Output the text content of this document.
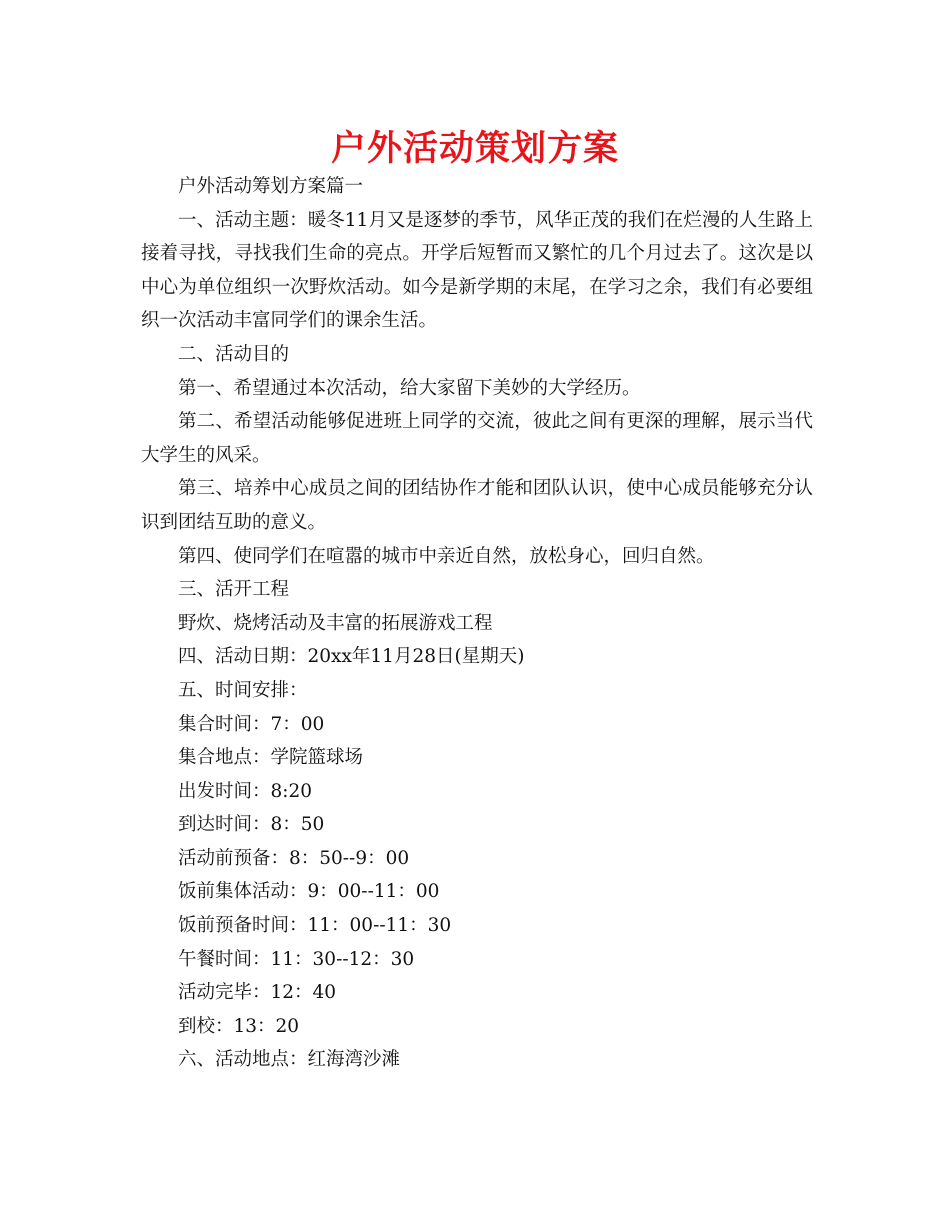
户外活动策划方案

户外活动筹划方案篇一

一、活动主题：暖冬11月又是逐梦的季节，风华正茂的我们在烂漫的人生路上接着寻找，寻找我们生命的亮点。开学后短暂而又繁忙的几个月过去了。这次是以中心为单位组织一次野炊活动。如今是新学期的末尾，在学习之余，我们有必要组织一次活动丰富同学们的课余生活。

二、活动目的

第一、希望通过本次活动，给大家留下美妙的大学经历。

第二、希望活动能够促进班上同学的交流，彼此之间有更深的理解，展示当代大学生的风采。

第三、培养中心成员之间的团结协作才能和团队认识，使中心成员能够充分认识到团结互助的意义。

第四、使同学们在喧嚣的城市中亲近自然，放松身心，回归自然。

三、活开工程

野炊、烧烤活动及丰富的拓展游戏工程

四、活动日期：20xx年11月28日(星期天)

五、时间安排：

集合时间：7：00

集合地点：学院篮球场

出发时间：8:20

到达时间：8：50

活动前预备：8：50--9：00

饭前集体活动：9：00--11：00

饭前预备时间：11：00--11：30

午餐时间：11：30--12：30

活动完毕：12：40

到校：13：20

六、活动地点：红海湾沙滩
